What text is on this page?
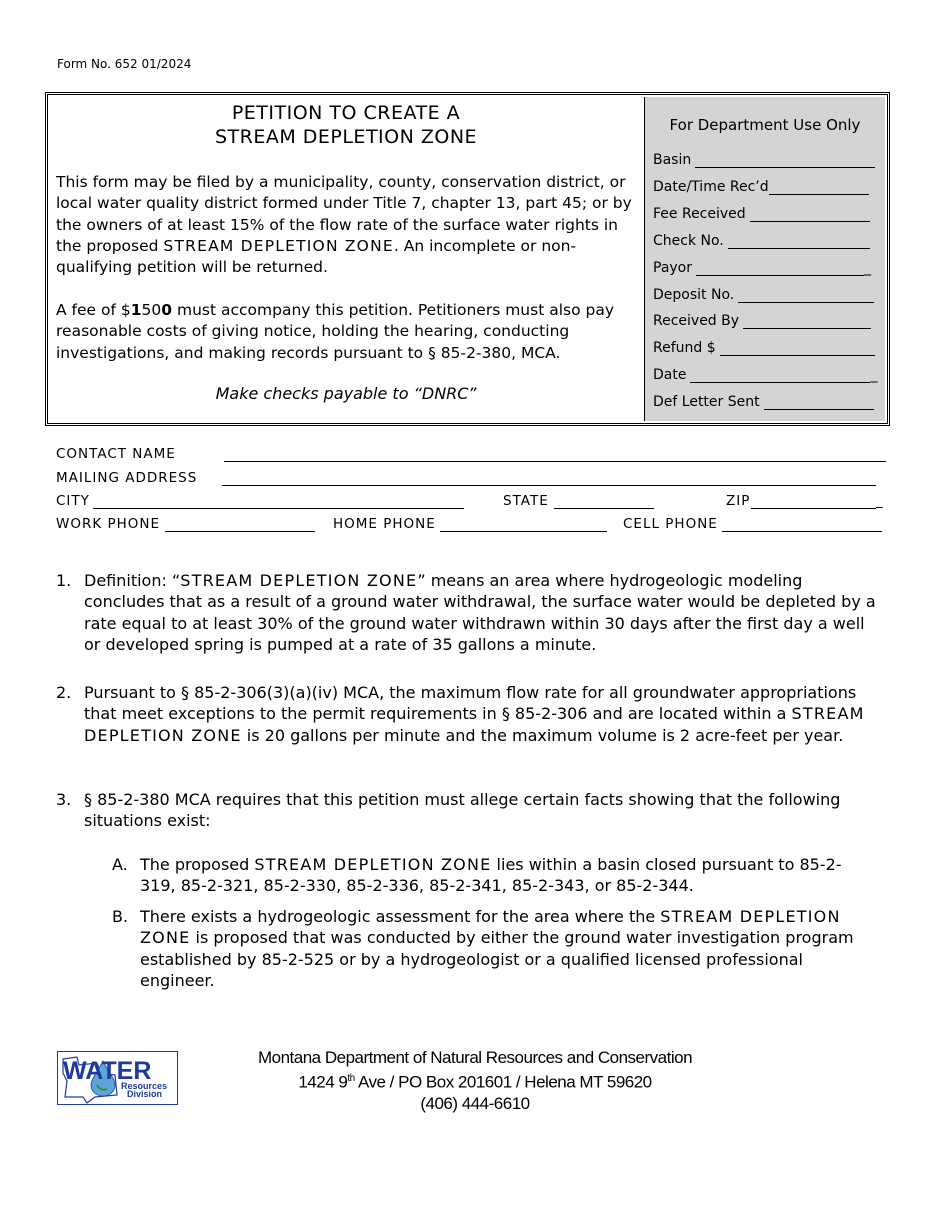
Form No. 652 01/2024
PETITION TO CREATE A
STREAM DEPLETION ZONE
This form may be filed by a municipality, county, conservation district, or local water quality district formed under Title 7, chapter 13, part 45; or by the owners of at least 15% of the flow rate of the surface water rights in the proposed STREAM DEPLETION ZONE. An incomplete or non-qualifying petition will be returned.
A fee of $1500 must accompany this petition. Petitioners must also pay reasonable costs of giving notice, holding the hearing, conducting investigations, and making records pursuant to § 85-2-380, MCA.
Make checks payable to “DNRC”
For Department Use Only
Basin
Date/Time Rec’d
Fee Received
Check No.
Payor	_
Deposit No.
Received By
Refund $
Date	_
Def Letter Sent
CONTACT NAME
MAILING ADDRESS
CITY	STATE	ZIP	_
WORK PHONE	HOME PHONE	CELL PHONE
1. Definition: “STREAM DEPLETION ZONE” means an area where hydrogeologic modeling concludes that as a result of a ground water withdrawal, the surface water would be depleted by a rate equal to at least 30% of the ground water withdrawn within 30 days after the first day a well or developed spring is pumped at a rate of 35 gallons a minute.
2. Pursuant to § 85-2-306(3)(a)(iv) MCA, the maximum flow rate for all groundwater appropriations that meet exceptions to the permit requirements in § 85-2-306 and are located within a STREAM DEPLETION ZONE is 20 gallons per minute and the maximum volume is 2 acre-feet per year.
3. § 85-2-380 MCA requires that this petition must allege certain facts showing that the following situations exist:
A. The proposed STREAM DEPLETION ZONE lies within a basin closed pursuant to 85-2-319, 85-2-321, 85-2-330, 85-2-336, 85-2-341, 85-2-343, or 85-2-344.
B. There exists a hydrogeologic assessment for the area where the STREAM DEPLETION ZONE is proposed that was conducted by either the ground water investigation program established by 85-2-525 or by a hydrogeologist or a qualified licensed professional engineer.
WATER
Resources
Division
Montana Department of Natural Resources and Conservation
1424 9th Ave / PO Box 201601 / Helena MT 59620
(406) 444-6610
